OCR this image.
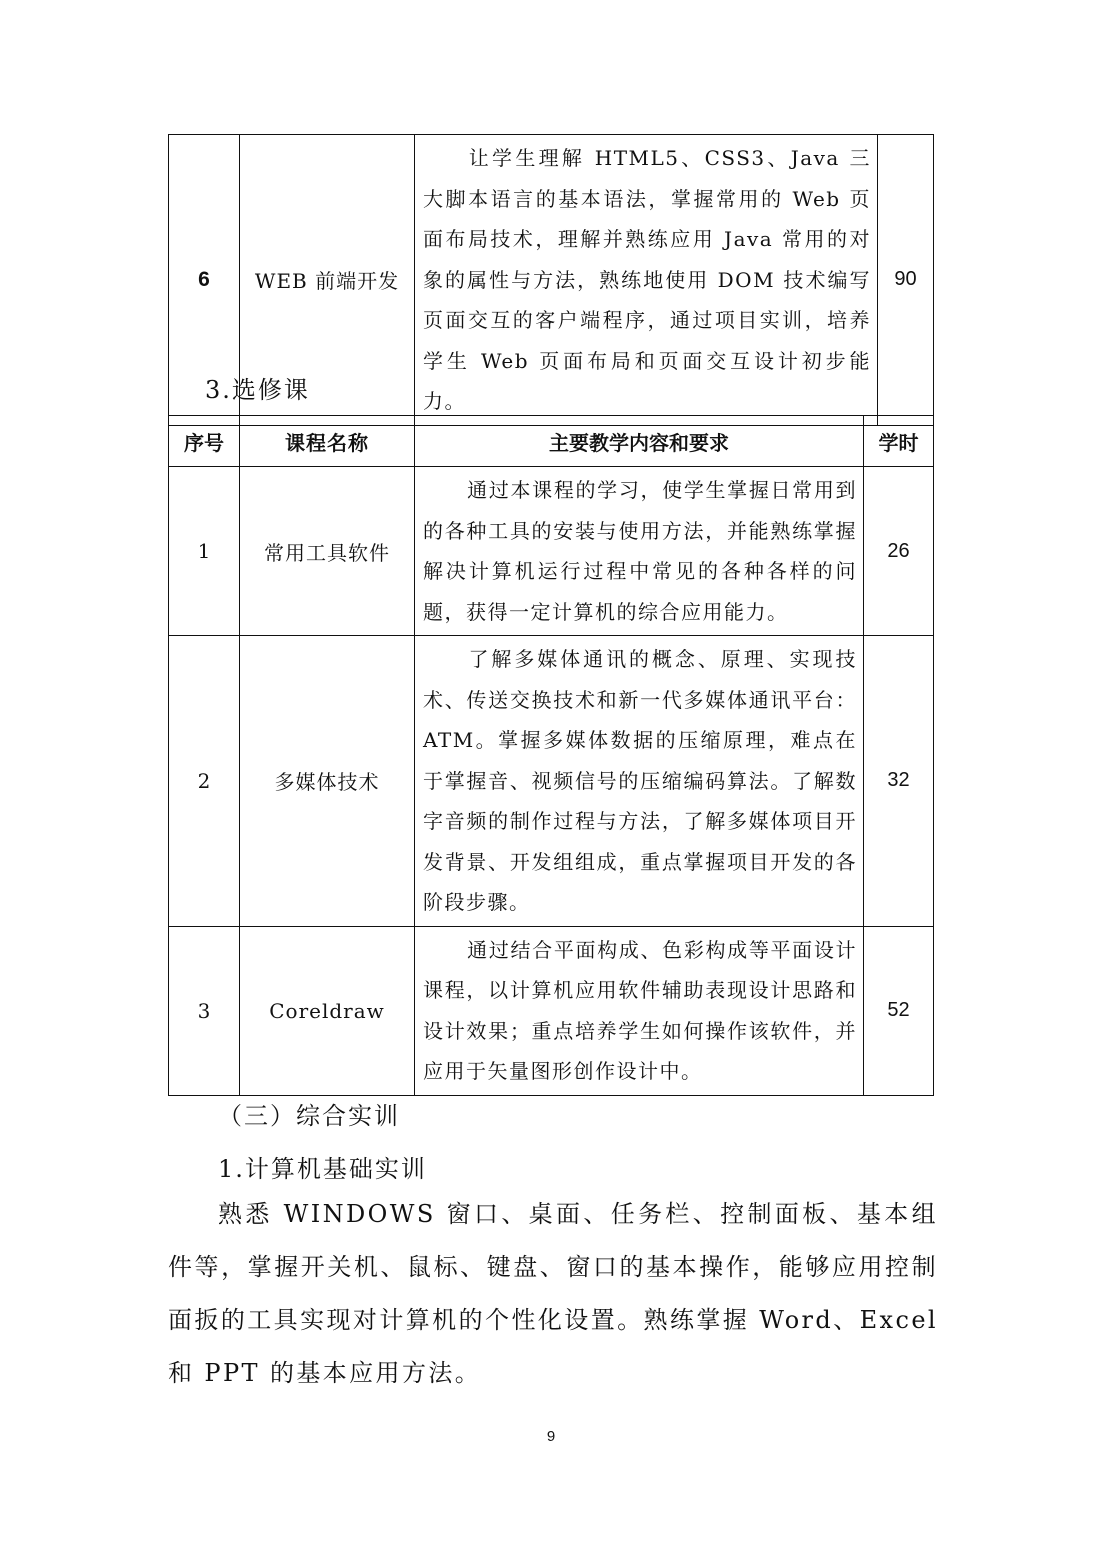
6	WEB 前端开发	让学生理解 HTML5、CSS3、Java 三大脚本语言的基本语法，掌握常用的 Web 页面布局技术，理解并熟练应用 Java 常用的对象的属性与方法，熟练地使用 DOM 技术编写页面交互的客户端程序，通过项目实训，培养学生 Web 页面布局和页面交互设计初步能力。	90
3.选修课
序号	课程名称	主要教学内容和要求	学时
1	常用工具软件	通过本课程的学习，使学生掌握日常用到的各种工具的安装与使用方法，并能熟练掌握解决计算机运行过程中常见的各种各样的问题，获得一定计算机的综合应用能力。	26
2	多媒体技术	了解多媒体通讯的概念、原理、实现技术、传送交换技术和新一代多媒体通讯平台：ATM。掌握多媒体数据的压缩原理，难点在于掌握音、视频信号的压缩编码算法。了解数字音频的制作过程与方法，了解多媒体项目开发背景、开发组组成，重点掌握项目开发的各阶段步骤。	32
3	Coreldraw	通过结合平面构成、色彩构成等平面设计课程，以计算机应用软件辅助表现设计思路和设计效果；重点培养学生如何操作该软件，并应用于矢量图形创作设计中。	52
（三）综合实训
1.计算机基础实训
熟悉 WINDOWS 窗口、桌面、任务栏、控制面板、基本组件等，掌握开关机、鼠标、键盘、窗口的基本操作，能够应用控制面扳的工具实现对计算机的个性化设置。熟练掌握 Word、Excel 和 PPT 的基本应用方法。
9
